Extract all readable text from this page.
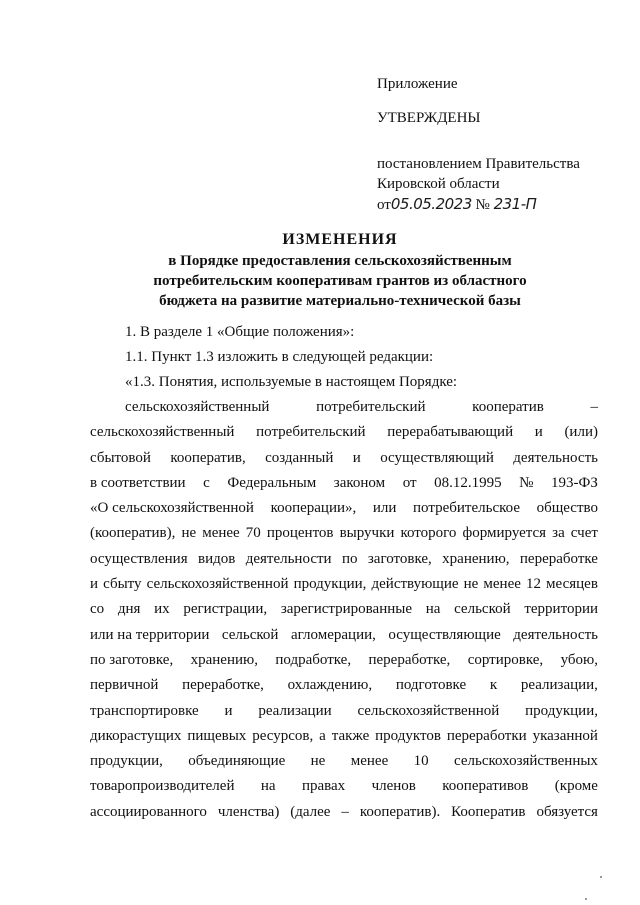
Приложение
УТВЕРЖДЕНЫ
постановлением Правительства
Кировской области
от05.05.2023 № 231-П
ИЗМЕНЕНИЯ
в Порядке предоставления сельскохозяйственным
потребительским кооперативам грантов из областного
бюджета на развитие материально-технической базы
1. В разделе 1 «Общие положения»:
1.1. Пункт 1.3 изложить в следующей редакции:
«1.3. Понятия, используемые в настоящем Порядке:
сельскохозяйственный	потребительский	кооператив	–
сельскохозяйственный потребительский перерабатывающий и (или)
сбытовой кооператив, созданный и осуществляющий деятельность
в соответствии с Федеральным законом от 08.12.1995 № 193-ФЗ
«О сельскохозяйственной кооперации», или потребительское общество
(кооператив), не менее 70 процентов выручки которого формируется за счет
осуществления видов деятельности по заготовке, хранению, переработке
и сбыту сельскохозяйственной продукции, действующие не менее 12 месяцев
со дня их регистрации, зарегистрированные на сельской территории
или на территории сельской агломерации, осуществляющие деятельность
по заготовке, хранению, подработке, переработке, сортировке, убою,
первичной переработке, охлаждению, подготовке к реализации,
транспортировке и реализации сельскохозяйственной продукции,
дикорастущих пищевых ресурсов, а также продуктов переработки указанной
продукции, объединяющие не менее 10 сельскохозяйственных
товаропроизводителей на правах членов кооперативов (кроме
ассоциированного членства) (далее – кооператив). Кооператив обязуется
